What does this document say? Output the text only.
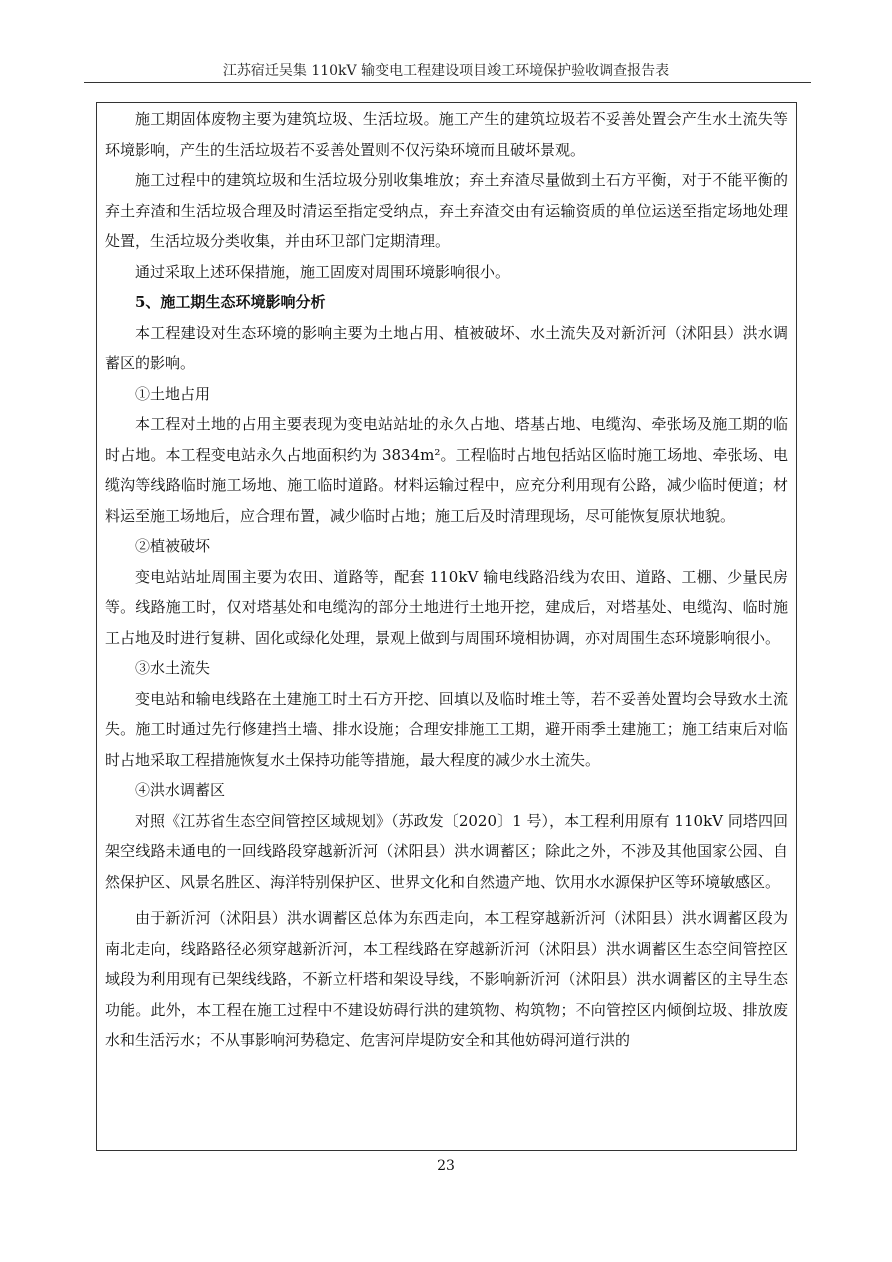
江苏宿迁吴集 110kV 输变电工程建设项目竣工环境保护验收调查报告表

施工期固体废物主要为建筑垃圾、生活垃圾。施工产生的建筑垃圾若不妥善处置会产生水土流失等环境影响，产生的生活垃圾若不妥善处置则不仅污染环境而且破坏景观。

施工过程中的建筑垃圾和生活垃圾分别收集堆放；弃土弃渣尽量做到土石方平衡，对于不能平衡的弃土弃渣和生活垃圾合理及时清运至指定受纳点，弃土弃渣交由有运输资质的单位运送至指定场地处理处置，生活垃圾分类收集，并由环卫部门定期清理。

通过采取上述环保措施，施工固废对周围环境影响很小。

5、施工期生态环境影响分析

本工程建设对生态环境的影响主要为土地占用、植被破坏、水土流失及对新沂河（沭阳县）洪水调蓄区的影响。

①土地占用

本工程对土地的占用主要表现为变电站站址的永久占地、塔基占地、电缆沟、牵张场及施工期的临时占地。本工程变电站永久占地面积约为 3834m²。工程临时占地包括站区临时施工场地、牵张场、电缆沟等线路临时施工场地、施工临时道路。材料运输过程中，应充分利用现有公路，减少临时便道；材料运至施工场地后，应合理布置，减少临时占地；施工后及时清理现场，尽可能恢复原状地貌。

②植被破坏

变电站站址周围主要为农田、道路等，配套 110kV 输电线路沿线为农田、道路、工棚、少量民房等。线路施工时，仅对塔基处和电缆沟的部分土地进行土地开挖，建成后，对塔基处、电缆沟、临时施工占地及时进行复耕、固化或绿化处理，景观上做到与周围环境相协调，亦对周围生态环境影响很小。

③水土流失

变电站和输电线路在土建施工时土石方开挖、回填以及临时堆土等，若不妥善处置均会导致水土流失。施工时通过先行修建挡土墙、排水设施；合理安排施工工期，避开雨季土建施工；施工结束后对临时占地采取工程措施恢复水土保持功能等措施，最大程度的减少水土流失。

④洪水调蓄区

对照《江苏省生态空间管控区域规划》（苏政发〔2020〕1 号），本工程利用原有 110kV 同塔四回架空线路未通电的一回线路段穿越新沂河（沭阳县）洪水调蓄区；除此之外，不涉及其他国家公园、自然保护区、风景名胜区、海洋特别保护区、世界文化和自然遗产地、饮用水水源保护区等环境敏感区。

由于新沂河（沭阳县）洪水调蓄区总体为东西走向，本工程穿越新沂河（沭阳县）洪水调蓄区段为南北走向，线路路径必须穿越新沂河，本工程线路在穿越新沂河（沭阳县）洪水调蓄区生态空间管控区域段为利用现有已架线线路，不新立杆塔和架设导线，不影响新沂河（沭阳县）洪水调蓄区的主导生态功能。此外，本工程在施工过程中不建设妨碍行洪的建筑物、构筑物；不向管控区内倾倒垃圾、排放废水和生活污水；不从事影响河势稳定、危害河岸堤防安全和其他妨碍河道行洪的

23
